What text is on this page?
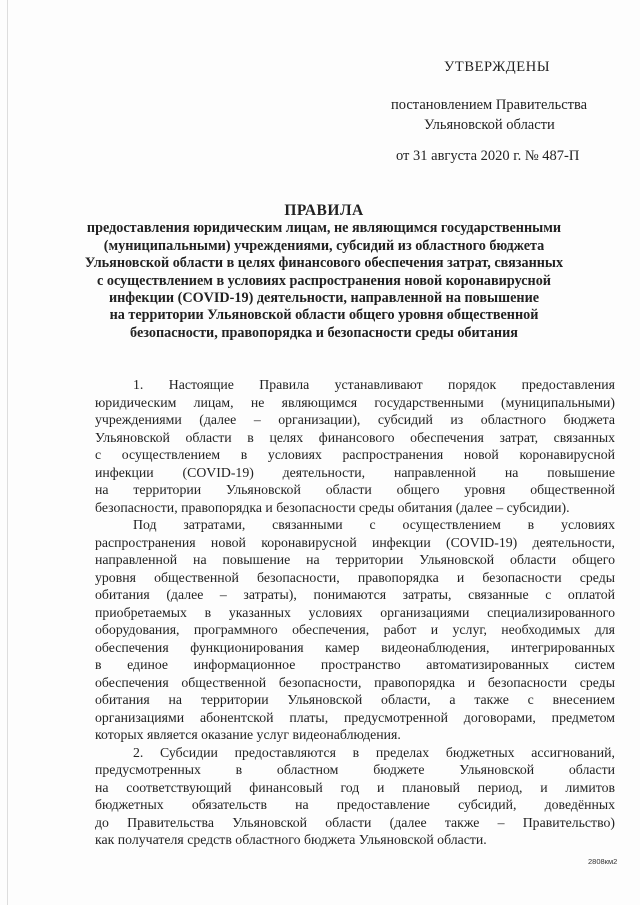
УТВЕРЖДЕНЫ
постановлением Правительства
Ульяновской области
от 31 августа 2020 г. № 487-П
ПРАВИЛА
предоставления юридическим лицам, не являющимся государственными
(муниципальными) учреждениями, субсидий из областного бюджета
Ульяновской области в целях финансового обеспечения затрат, связанных
с осуществлением в условиях распространения новой коронавирусной
инфекции (COVID-19) деятельности, направленной на повышение
на территории Ульяновской области общего уровня общественной
безопасности, правопорядка и безопасности среды обитания
1. Настоящие Правила устанавливают порядок предоставления
юридическим лицам, не являющимся государственными (муниципальными)
учреждениями (далее – организации), субсидий из областного бюджета
Ульяновской области в целях финансового обеспечения затрат, связанных
с осуществлением в условиях распространения новой коронавирусной
инфекции (COVID-19) деятельности, направленной на повышение
на территории Ульяновской области общего уровня общественной
безопасности, правопорядка и безопасности среды обитания (далее – субсидии).
Под затратами, связанными с осуществлением в условиях
распространения новой коронавирусной инфекции (COVID-19) деятельности,
направленной на повышение на территории Ульяновской области общего
уровня общественной безопасности, правопорядка и безопасности среды
обитания (далее – затраты), понимаются затраты, связанные с оплатой
приобретаемых в указанных условиях организациями специализированного
оборудования, программного обеспечения, работ и услуг, необходимых для
обеспечения функционирования камер видеонаблюдения, интегрированных
в единое информационное пространство автоматизированных систем
обеспечения общественной безопасности, правопорядка и безопасности среды
обитания на территории Ульяновской области, а также с внесением
организациями абонентской платы, предусмотренной договорами, предметом
которых является оказание услуг видеонаблюдения.
2. Субсидии предоставляются в пределах бюджетных ассигнований,
предусмотренных в областном бюджете Ульяновской области
на соответствующий финансовый год и плановый период, и лимитов
бюджетных обязательств на предоставление субсидий, доведённых
до Правительства Ульяновской области (далее также – Правительство)
как получателя средств областного бюджета Ульяновской области.
2808км2
